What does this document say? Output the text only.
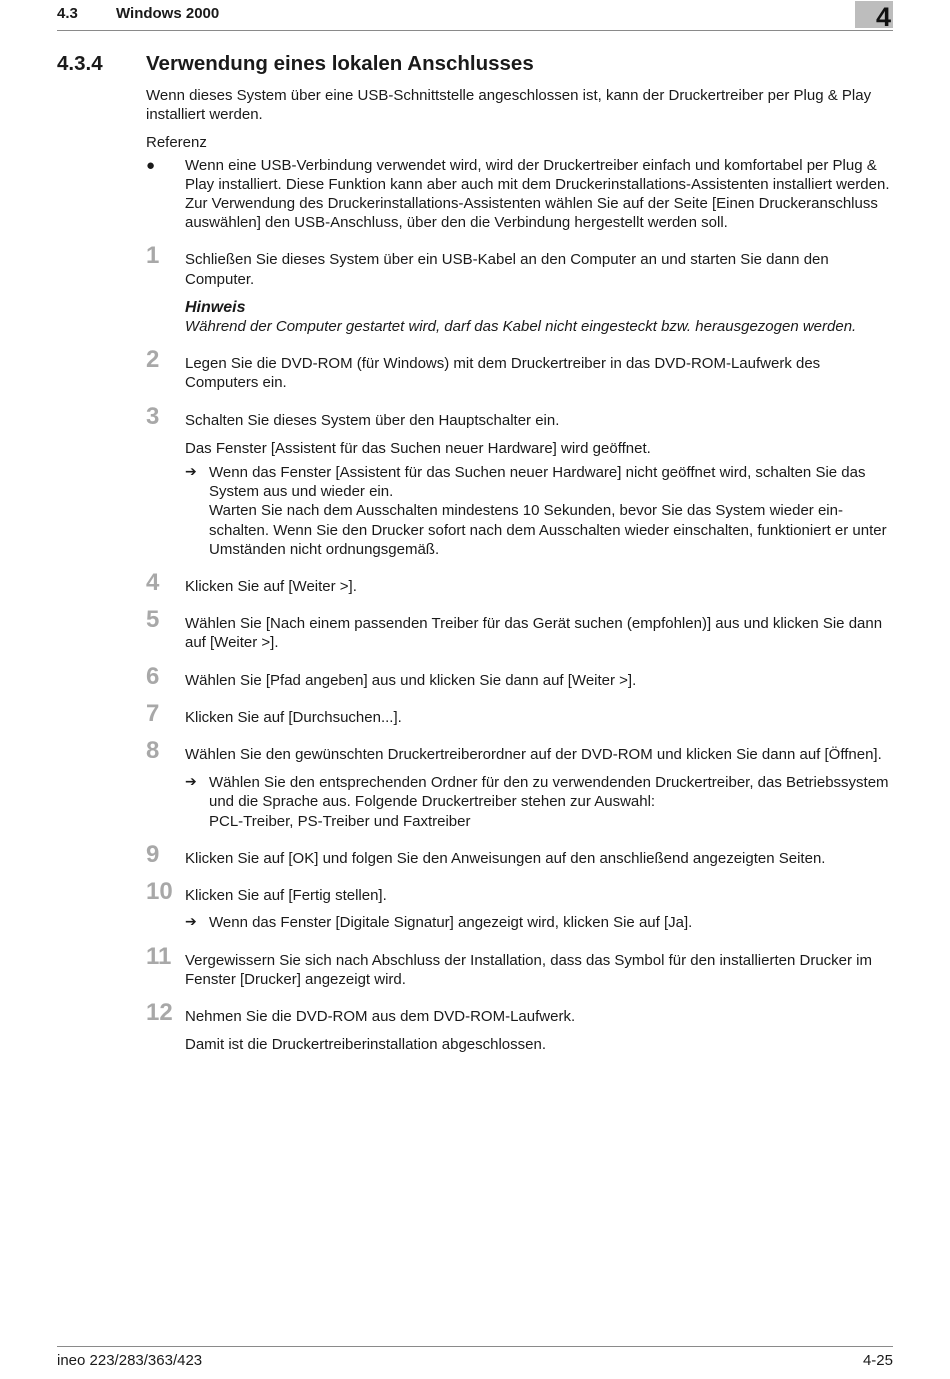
4.3	Windows 2000	4
4.3.4 Verwendung eines lokalen Anschlusses

Wenn dieses System über eine USB-Schnittstelle angeschlossen ist, kann der Druckertreiber per Plug & Play installiert werden.

Referenz

● Wenn eine USB-Verbindung verwendet wird, wird der Druckertreiber einfach und komfortabel per Plug & Play installiert. Diese Funktion kann aber auch mit dem Druckerinstallations-Assistenten installiert werden. Zur Verwendung des Druckerinstallations-Assistenten wählen Sie auf der Seite [Einen Druckeranschluss auswählen] den USB-Anschluss, über den die Verbindung hergestellt werden soll.
1 Schließen Sie dieses System über ein USB-Kabel an den Computer an und starten Sie dann den Computer.

Hinweis
Während der Computer gestartet wird, darf das Kabel nicht eingesteckt bzw. herausgezogen werden.
2 Legen Sie die DVD-ROM (für Windows) mit dem Druckertreiber in das DVD-ROM-Laufwerk des Computers ein.

3 Schalten Sie dieses System über den Hauptschalter ein.

Das Fenster [Assistent für das Suchen neuer Hardware] wird geöffnet.

➔ Wenn das Fenster [Assistent für das Suchen neuer Hardware] nicht geöffnet wird, schalten Sie das System aus und wieder ein.
Warten Sie nach dem Ausschalten mindestens 10 Sekunden, bevor Sie das System wieder ein-schalten. Wenn Sie den Drucker sofort nach dem Ausschalten wieder einschalten, funktioniert er unter Umständen nicht ordnungsgemäß.
4 Klicken Sie auf [Weiter >].

5 Wählen Sie [Nach einem passenden Treiber für das Gerät suchen (empfohlen)] aus und klicken Sie dann auf [Weiter >].

6 Wählen Sie [Pfad angeben] aus und klicken Sie dann auf [Weiter >].

7 Klicken Sie auf [Durchsuchen...].

8 Wählen Sie den gewünschten Druckertreiberordner auf der DVD-ROM und klicken Sie dann auf [Öffnen].

➔ Wählen Sie den entsprechenden Ordner für den zu verwendenden Druckertreiber, das Betriebssystem und die Sprache aus. Folgende Druckertreiber stehen zur Auswahl:
PCL-Treiber, PS-Treiber und Faxtreiber
9 Klicken Sie auf [OK] und folgen Sie den Anweisungen auf den anschließend angezeigten Seiten.

10 Klicken Sie auf [Fertig stellen].

➔ Wenn das Fenster [Digitale Signatur] angezeigt wird, klicken Sie auf [Ja].
11 Vergewissern Sie sich nach Abschluss der Installation, dass das Symbol für den installierten Drucker im Fenster [Drucker] angezeigt wird.

12 Nehmen Sie die DVD-ROM aus dem DVD-ROM-Laufwerk.

Damit ist die Druckertreiberinstallation abgeschlossen.

ineo 223/283/363/423	4-25
